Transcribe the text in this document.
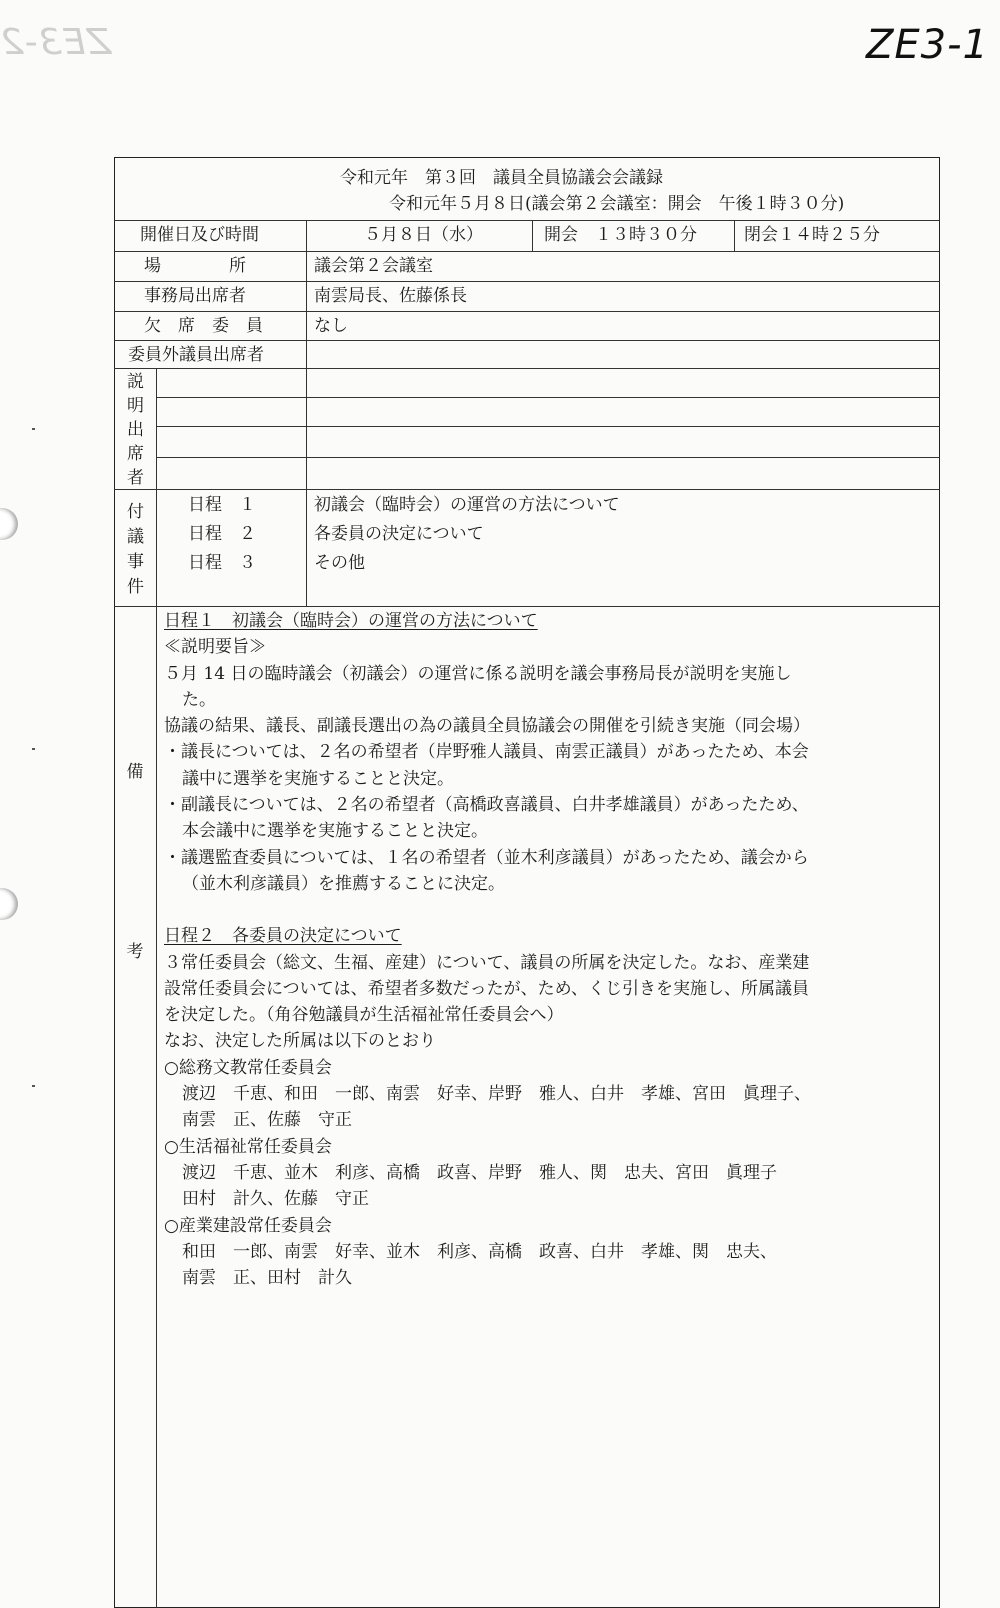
ZE3-1
ZE3-2
令和元年　第３回　議員全員協議会会議録
令和元年５月８日(議会第２会議室：開会　午後１時３０分)
開催日及び時間	５月８日（水）	開会　１３時３０分	閉会１４時２５分
場　　　　所	議会第２会議室
事務局出席者	南雲局長、佐藤係長
欠　席　委　員	なし
委員外議員出席者
説明出席者
付議事件
日程　１	初議会（臨時会）の運営の方法について
日程　２	各委員の決定について
日程　３	その他
備
考
日程１　初議会（臨時会）の運営の方法について
≪説明要旨≫
５月 14 日の臨時議会（初議会）の運営に係る説明を議会事務局長が説明を実施し
た。
協議の結果、議長、副議長選出の為の議員全員協議会の開催を引続き実施（同会場）
・議長については、２名の希望者（岸野雅人議員、南雲正議員）があったため、本会
議中に選挙を実施することと決定。
・副議長については、２名の希望者（高橋政喜議員、白井孝雄議員）があったため、
本会議中に選挙を実施することと決定。
・議選監査委員については、１名の希望者（並木利彦議員）があったため、議会から
（並木利彦議員）を推薦することに決定。
日程２　各委員の決定について
３常任委員会（総文、生福、産建）について、議員の所属を決定した。なお、産業建
設常任委員会については、希望者多数だったが、ため、くじ引きを実施し、所属議員
を決定した。（角谷勉議員が生活福祉常任委員会へ）
なお、決定した所属は以下のとおり
○総務文教常任委員会
渡辺　千恵、和田　一郎、南雲　好幸、岸野　雅人、白井　孝雄、宮田　眞理子、
南雲　正、佐藤　守正
○生活福祉常任委員会
渡辺　千恵、並木　利彦、高橋　政喜、岸野　雅人、関　忠夫、宮田　眞理子
田村　計久、佐藤　守正
○産業建設常任委員会
和田　一郎、南雲　好幸、並木　利彦、高橋　政喜、白井　孝雄、関　忠夫、
南雲　正、田村　計久
